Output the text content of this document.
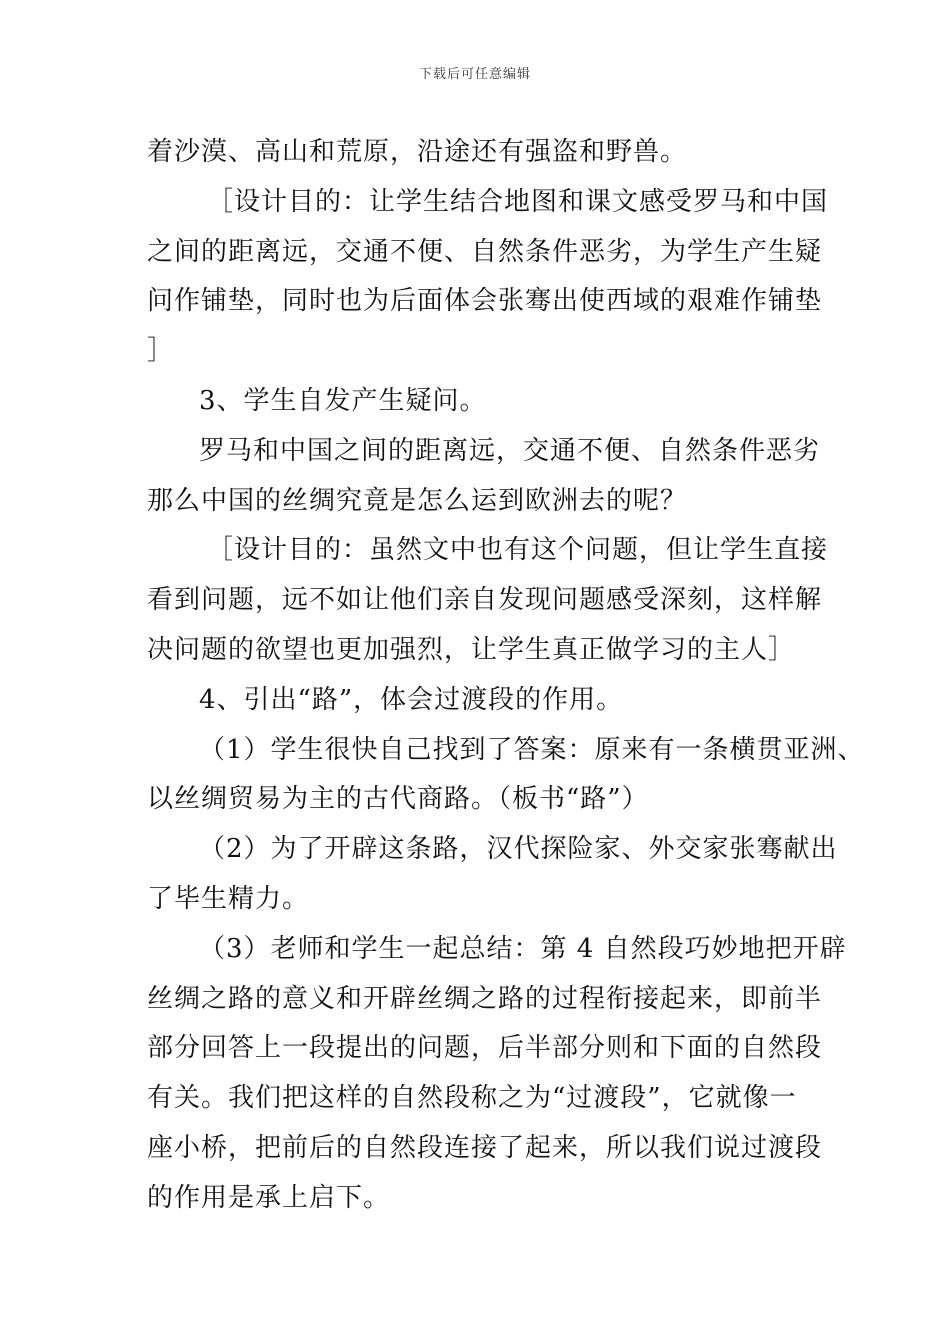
下载后可任意编辑
着沙漠、高山和荒原，沿途还有强盗和野兽。
［设计目的：让学生结合地图和课文感受罗马和中国
之间的距离远，交通不便、自然条件恶劣，为学生产生疑
问作铺垫，同时也为后面体会张骞出使西域的艰难作铺垫
］
3、学生自发产生疑问。
罗马和中国之间的距离远，交通不便、自然条件恶劣
那么中国的丝绸究竟是怎么运到欧洲去的呢？
［设计目的：虽然文中也有这个问题，但让学生直接
看到问题，远不如让他们亲自发现问题感受深刻，这样解
决问题的欲望也更加强烈，让学生真正做学习的主人］
4、引出“路”，体会过渡段的作用。
（1）学生很快自己找到了答案：原来有一条横贯亚洲、
以丝绸贸易为主的古代商路。（板书“路”）
（2）为了开辟这条路，汉代探险家、外交家张骞献出
了毕生精力。
（3）老师和学生一起总结：第 4 自然段巧妙地把开辟
丝绸之路的意义和开辟丝绸之路的过程衔接起来，即前半
部分回答上一段提出的问题，后半部分则和下面的自然段
有关。我们把这样的自然段称之为“过渡段”，它就像一
座小桥，把前后的自然段连接了起来，所以我们说过渡段
的作用是承上启下。
